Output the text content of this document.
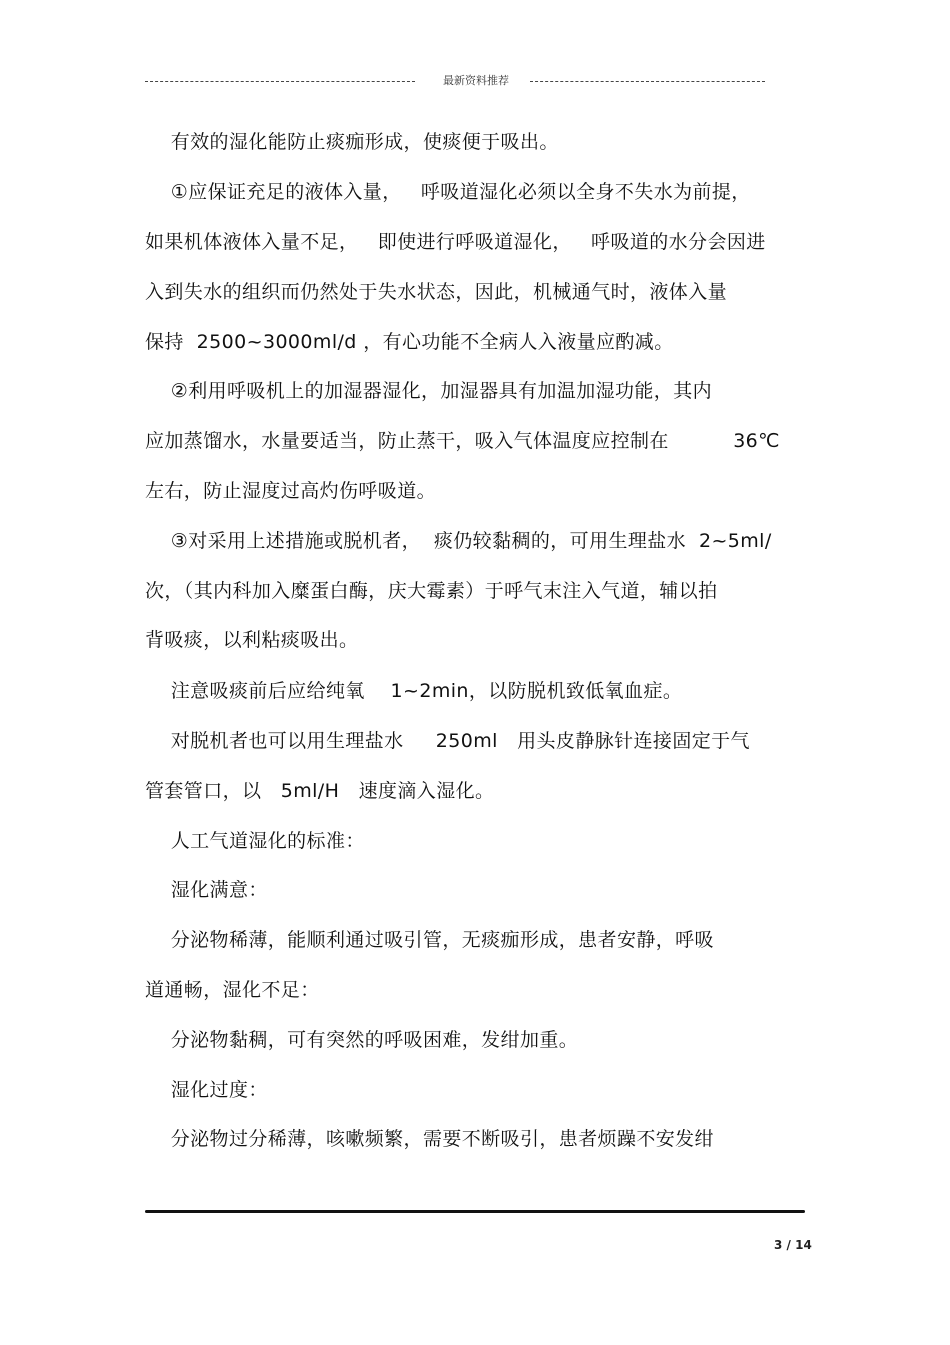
最新资料推荐
有效的湿化能防止痰痂形成，使痰便于吸出。
①应保证充足的液体入量，   呼吸道湿化必须以全身不失水为前提，
如果机体液体入量不足，   即使进行呼吸道湿化，   呼吸道的水分会因进
入到失水的组织而仍然处于失水状态，因此，机械通气时，液体入量
保持  2500~3000ml/d ，有心功能不全病人入液量应酌减。
②利用呼吸机上的加湿器湿化，加湿器具有加温加湿功能，其内
应加蒸馏水，水量要适当，防止蒸干，吸入气体温度应控制在          36℃
左右，防止湿度过高灼伤呼吸道。
③对采用上述措施或脱机者，  痰仍较黏稠的，可用生理盐水  2~5ml/
次，（其内科加入糜蛋白酶，庆大霉素）于呼气末注入气道，辅以拍
背吸痰，以利粘痰吸出。
注意吸痰前后应给纯氧    1~2min，以防脱机致低氧血症。
对脱机者也可以用生理盐水     250ml   用头皮静脉针连接固定于气
管套管口，以   5ml/H   速度滴入湿化。
人工气道湿化的标准：
湿化满意：
分泌物稀薄，能顺利通过吸引管，无痰痂形成，患者安静，呼吸
道通畅，湿化不足：
分泌物黏稠，可有突然的呼吸困难，发绀加重。
湿化过度：
分泌物过分稀薄，咳嗽频繁，需要不断吸引，患者烦躁不安发绀
3 / 14
